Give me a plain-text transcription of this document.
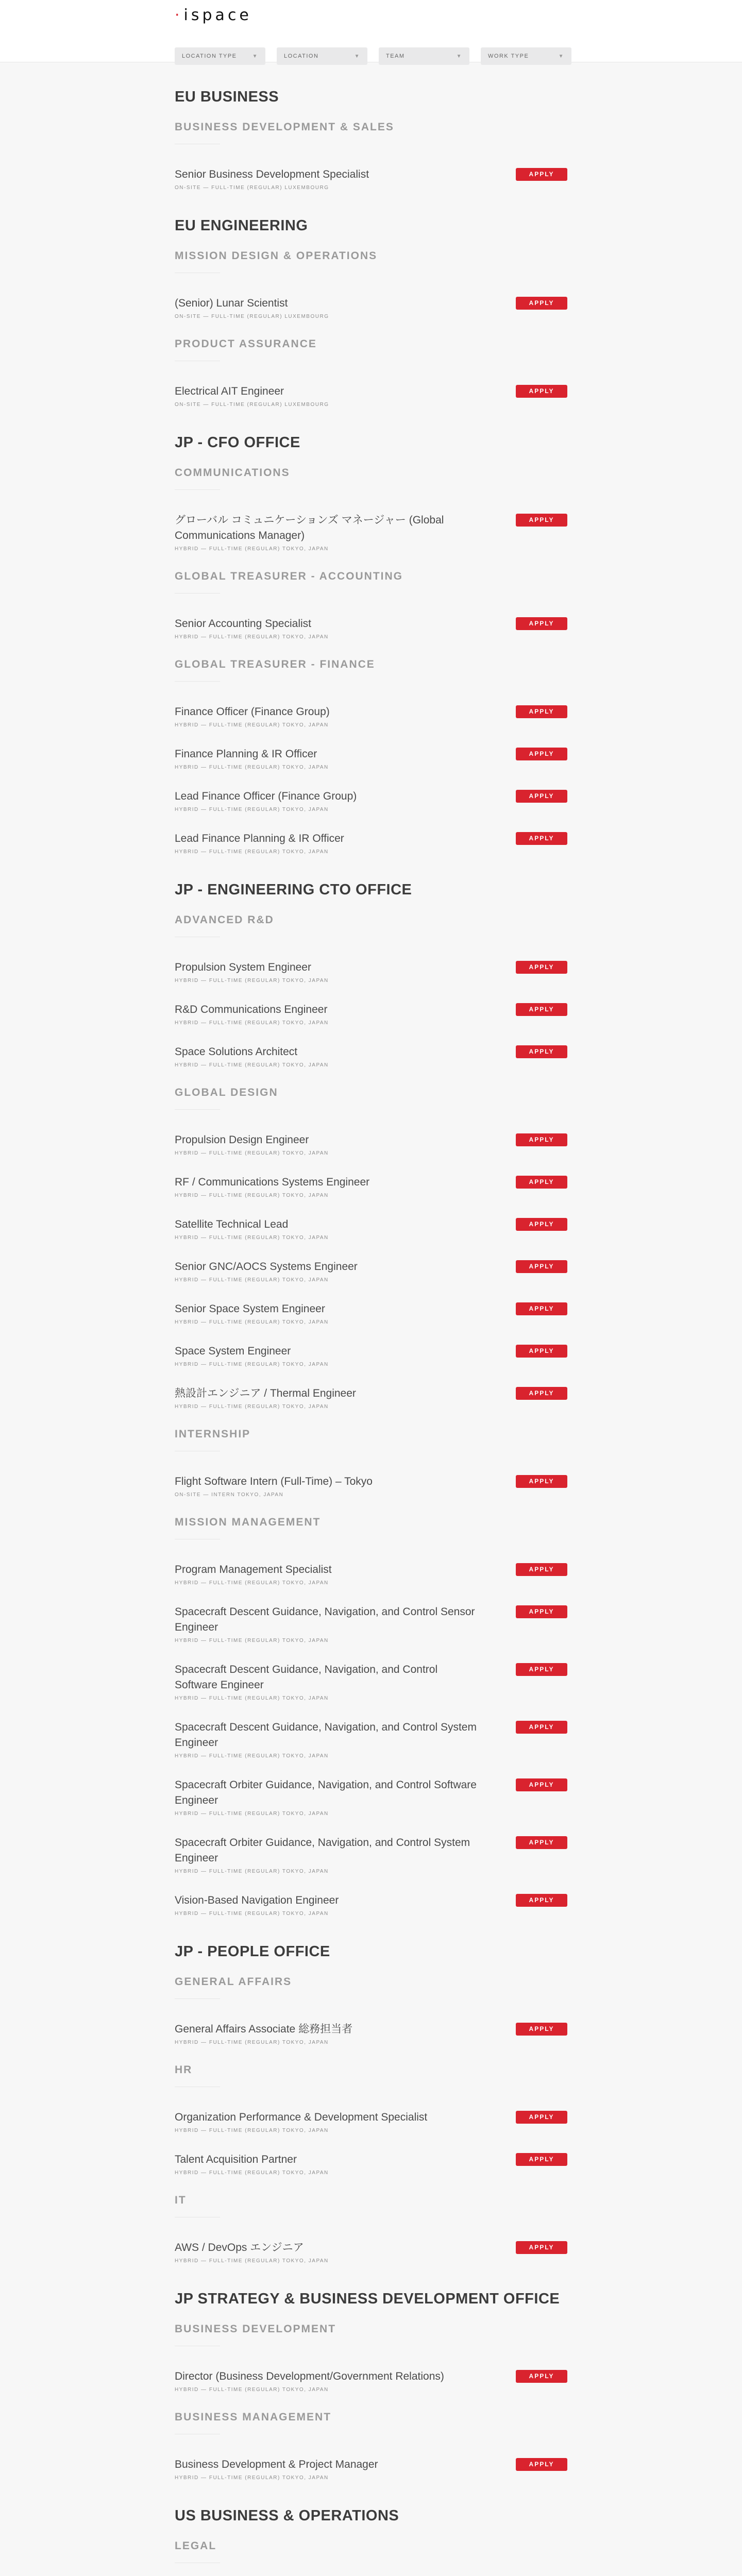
· ispace
LOCATION TYPE	▼	LOCATION	▼	TEAM	▼	WORK TYPE	▼
EU BUSINESS
BUSINESS DEVELOPMENT & SALES
Senior Business Development Specialist
ON-SITE — FULL-TIME (REGULAR) LUXEMBOURG
APPLY
EU ENGINEERING
MISSION DESIGN & OPERATIONS
(Senior) Lunar Scientist
ON-SITE — FULL-TIME (REGULAR) LUXEMBOURG
APPLY
PRODUCT ASSURANCE
Electrical AIT Engineer
ON-SITE — FULL-TIME (REGULAR) LUXEMBOURG
APPLY
JP - CFO OFFICE
COMMUNICATIONS
グローバル コミュニケーションズ マネージャー (Global Communications Manager)
HYBRID — FULL-TIME (REGULAR) TOKYO, JAPAN
APPLY
GLOBAL TREASURER - ACCOUNTING
Senior Accounting Specialist
HYBRID — FULL-TIME (REGULAR) TOKYO, JAPAN
APPLY
GLOBAL TREASURER - FINANCE
Finance Officer (Finance Group)
HYBRID — FULL-TIME (REGULAR) TOKYO, JAPAN
APPLY
Finance Planning & IR Officer
HYBRID — FULL-TIME (REGULAR) TOKYO, JAPAN
APPLY
Lead Finance Officer (Finance Group)
HYBRID — FULL-TIME (REGULAR) TOKYO, JAPAN
APPLY
Lead Finance Planning & IR Officer
HYBRID — FULL-TIME (REGULAR) TOKYO, JAPAN
APPLY
JP - ENGINEERING CTO OFFICE
ADVANCED R&D
Propulsion System Engineer
HYBRID — FULL-TIME (REGULAR) TOKYO, JAPAN
APPLY
R&D Communications Engineer
HYBRID — FULL-TIME (REGULAR) TOKYO, JAPAN
APPLY
Space Solutions Architect
HYBRID — FULL-TIME (REGULAR) TOKYO, JAPAN
APPLY
GLOBAL DESIGN
Propulsion Design Engineer
HYBRID — FULL-TIME (REGULAR) TOKYO, JAPAN
APPLY
RF / Communications Systems Engineer
HYBRID — FULL-TIME (REGULAR) TOKYO, JAPAN
APPLY
Satellite Technical Lead
HYBRID — FULL-TIME (REGULAR) TOKYO, JAPAN
APPLY
Senior GNC/AOCS Systems Engineer
HYBRID — FULL-TIME (REGULAR) TOKYO, JAPAN
APPLY
Senior Space System Engineer
HYBRID — FULL-TIME (REGULAR) TOKYO, JAPAN
APPLY
Space System Engineer
HYBRID — FULL-TIME (REGULAR) TOKYO, JAPAN
APPLY
熱設計エンジニア / Thermal Engineer
HYBRID — FULL-TIME (REGULAR) TOKYO, JAPAN
APPLY
INTERNSHIP
Flight Software Intern (Full-Time) – Tokyo
ON-SITE — INTERN TOKYO, JAPAN
APPLY
MISSION MANAGEMENT
Program Management Specialist
HYBRID — FULL-TIME (REGULAR) TOKYO, JAPAN
APPLY
Spacecraft Descent Guidance, Navigation, and Control Sensor Engineer
HYBRID — FULL-TIME (REGULAR) TOKYO, JAPAN
APPLY
Spacecraft Descent Guidance, Navigation, and Control Software Engineer
HYBRID — FULL-TIME (REGULAR) TOKYO, JAPAN
APPLY
Spacecraft Descent Guidance, Navigation, and Control System Engineer
HYBRID — FULL-TIME (REGULAR) TOKYO, JAPAN
APPLY
Spacecraft Orbiter Guidance, Navigation, and Control Software Engineer
HYBRID — FULL-TIME (REGULAR) TOKYO, JAPAN
APPLY
Spacecraft Orbiter Guidance, Navigation, and Control System Engineer
HYBRID — FULL-TIME (REGULAR) TOKYO, JAPAN
APPLY
Vision-Based Navigation Engineer
HYBRID — FULL-TIME (REGULAR) TOKYO, JAPAN
APPLY
JP - PEOPLE OFFICE
GENERAL AFFAIRS
General Affairs Associate 総務担当者
HYBRID — FULL-TIME (REGULAR) TOKYO, JAPAN
APPLY
HR
Organization Performance & Development Specialist
HYBRID — FULL-TIME (REGULAR) TOKYO, JAPAN
APPLY
Talent Acquisition Partner
HYBRID — FULL-TIME (REGULAR) TOKYO, JAPAN
APPLY
IT
AWS / DevOps エンジニア
HYBRID — FULL-TIME (REGULAR) TOKYO, JAPAN
APPLY
JP STRATEGY & BUSINESS DEVELOPMENT OFFICE
BUSINESS DEVELOPMENT
Director (Business Development/Government Relations)
HYBRID — FULL-TIME (REGULAR) TOKYO, JAPAN
APPLY
BUSINESS MANAGEMENT
Business Development & Project Manager
HYBRID — FULL-TIME (REGULAR) TOKYO, JAPAN
APPLY
US BUSINESS & OPERATIONS
LEGAL
